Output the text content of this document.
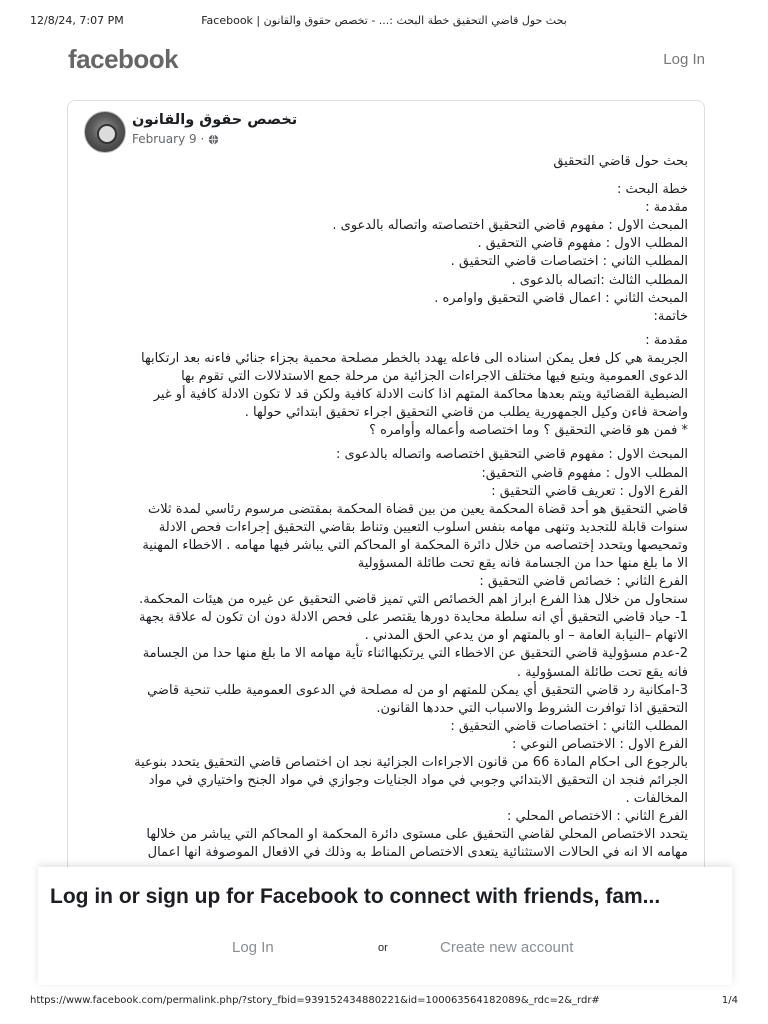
12/8/24, 7:07 PM	Facebook | بحث حول قاضي التحقيق خطة البحث :... - تخصص حقوق والقانون
facebook	Log In
تخصص حقوق والقانون
February 9 ·

بحث حول قاضي التحقيق

خطة البحث :

مقدمة :

المبحث الاول : مفهوم قاضي التحقيق اختصاصته واتصاله بالدعوى .

المطلب الاول : مفهوم قاضي التحقيق .

المطلب الثاني : اختصاصات قاضي التحقيق .

المطلب الثالث :اتصاله بالدعوى .

المبحث الثاني : اعمال قاضي التحقيق واوامره .

خاتمة:

مقدمة :

الجريمة هي كل فعل يمكن اسناده الى فاعله يهدد بالخطر مصلحة محمية بجزاء جنائي فاءنه بعد ارتكابها

الدعوى العمومية ويتبع فيها مختلف الاجراءات الجزائية من مرحلة جمع الاستدلالات التي تقوم بها

الضبطية القضائية ويتم بعدها محاكمة المتهم اذا كانت الادلة كافية ولكن قد لا تكون الادلة كافية أو غير

واضحة فاءن وكيل الجمهورية يطلب من قاضي التحقيق اجراء تحقيق ابتدائي حولها .

* فمن هو قاضي التحقيق ؟ وما اختصاصه وأعماله وأوامره ؟

المبحث الاول : مفهوم قاضي التحقيق اختصاصه واتصاله بالدعوى :

المطلب الاول : مفهوم قاضي التحقيق:

الفرع الاول : تعريف قاضي التحقيق :

قاضي التحقيق هو أحد قضاة المحكمة يعين من بين قضاة المحكمة بمقتضى مرسوم رئاسي لمدة ثلاث

سنوات قابلة للتجديد وتنهى مهامه بنفس اسلوب التعيين وتناط بقاضي التحقيق إجراءات فحص الادلة

وتمحيصها ويتحدد إختصاصه من خلال دائرة المحكمة او المحاكم التي يباشر فيها مهامه . الاخطاء المهنية

الا ما بلغ منها حدا من الجسامة فانه يقع تحت طائلة المسؤولية

الفرع الثاني : خصائص قاضي التحقيق :

سنحاول من خلال هذا الفرع ابراز اهم الخصائص التي تميز قاضي التحقيق عن غيره من هيئات المحكمة.

1- حياد قاضي التحقيق أي انه سلطة محايدة دورها يقتصر على فحص الادلة دون ان تكون له علاقة بجهة

الاتهام –النيابة العامة – او بالمتهم او من يدعي الحق المدني .

2-عدم مسؤولية قاضي التحقيق عن الاخطاء التي يرتكبهااثناء تأية مهامه الا ما بلغ منها حدا من الجسامة

فانه يقع تحت طائلة المسؤولية .

3-امكانية رد قاضي التحقيق أي يمكن للمتهم او من له مصلحة في الدعوى العمومية طلب تنحية قاضي

التحقيق اذا توافرت الشروط والاسباب التي حددها القانون.

المطلب الثاني : اختصاصات قاضي التحقيق :

الفرع الاول : الاختصاص النوعي :

بالرجوع الى احكام المادة 66 من قانون الاجراءات الجزائية نجد ان اختصاص قاضي التحقيق يتحدد بنوعية

الجرائم فنجد ان التحقيق الابتدائي وجوبي في مواد الجنايات وجوازي في مواد الجنح واختياري في مواد

المخالفات .

الفرع الثاني : الاختصاص المحلي :

يتحدد الاختصاص المحلي لقاضي التحقيق على مستوى دائرة المحكمة او المحاكم التي يباشر من خلالها

مهامه الا انه في الحالات الاستثنائية يتعدى الاختصاص المناط به وذلك في الافعال الموصوفة انها اعمال

Log in or sign up for Facebook to connect with friends, fam...
Log In	or	Create new account
https://www.facebook.com/permalink.php/?story_fbid=939152434880221&id=100063564182089&_rdc=2&_rdr#	1/4
